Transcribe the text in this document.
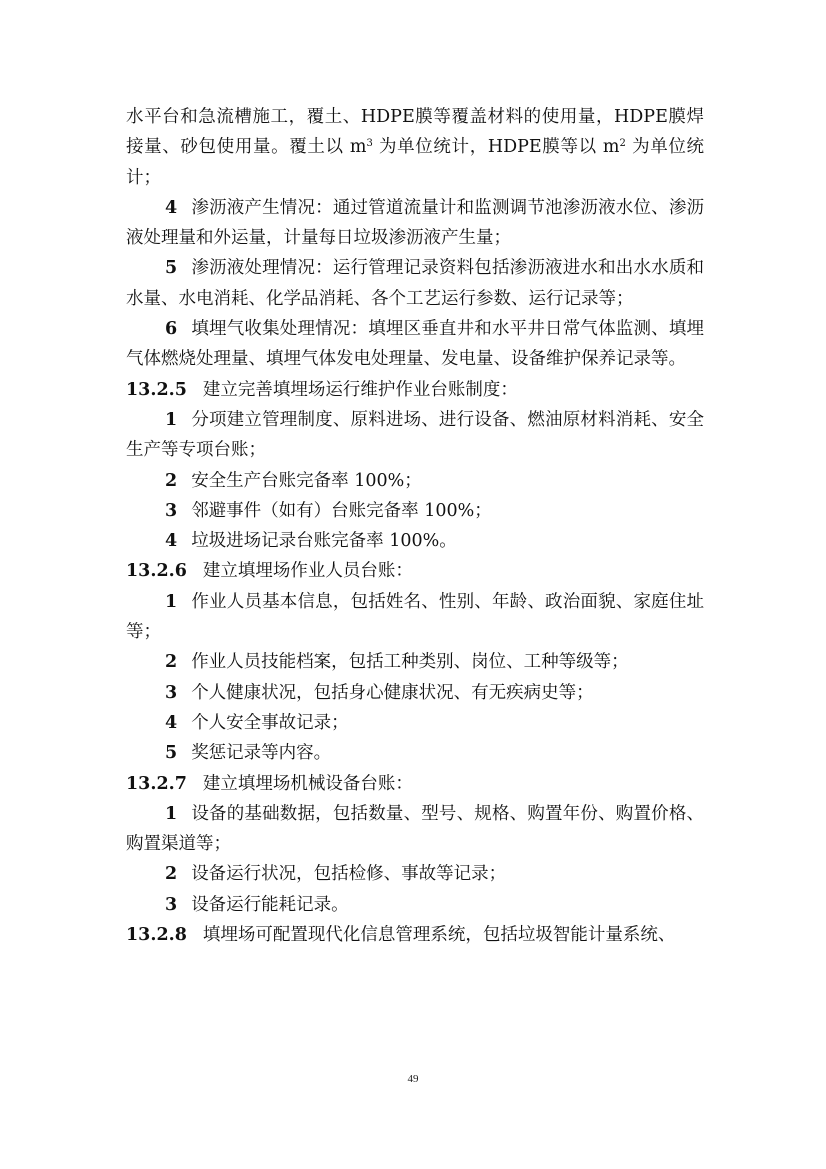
水平台和急流槽施工，覆土、HDPE膜等覆盖材料的使用量，HDPE膜焊接量、砂包使用量。覆土以 $m^3$ 为单位统计，HDPE膜等以 $m^2$ 为单位统计；

4 渗沥液产生情况：通过管道流量计和监测调节池渗沥液水位、渗沥液处理量和外运量，计量每日垃圾渗沥液产生量；

5 渗沥液处理情况：运行管理记录资料包括渗沥液进水和出水水质和水量、水电消耗、化学品消耗、各个工艺运行参数、运行记录等；

6 填埋气收集处理情况：填埋区垂直井和水平井日常气体监测、填埋气体燃烧处理量、填埋气体发电处理量、发电量、设备维护保养记录等。

13.2.5 建立完善填埋场运行维护作业台账制度：

1 分项建立管理制度、原料进场、进行设备、燃油原材料消耗、安全生产等专项台账；

2 安全生产台账完备率 100%；

3 邻避事件（如有）台账完备率 100%；

4 垃圾进场记录台账完备率 100%。

13.2.6 建立填埋场作业人员台账：

1 作业人员基本信息，包括姓名、性别、年龄、政治面貌、家庭住址等；

2 作业人员技能档案，包括工种类别、岗位、工种等级等；

3 个人健康状况，包括身心健康状况、有无疾病史等；

4 个人安全事故记录；

5 奖惩记录等内容。

13.2.7 建立填埋场机械设备台账：

1 设备的基础数据，包括数量、型号、规格、购置年份、购置价格、购置渠道等；

2 设备运行状况，包括检修、事故等记录；

3 设备运行能耗记录。

13.2.8 填埋场可配置现代化信息管理系统，包括垃圾智能计量系统、

49
